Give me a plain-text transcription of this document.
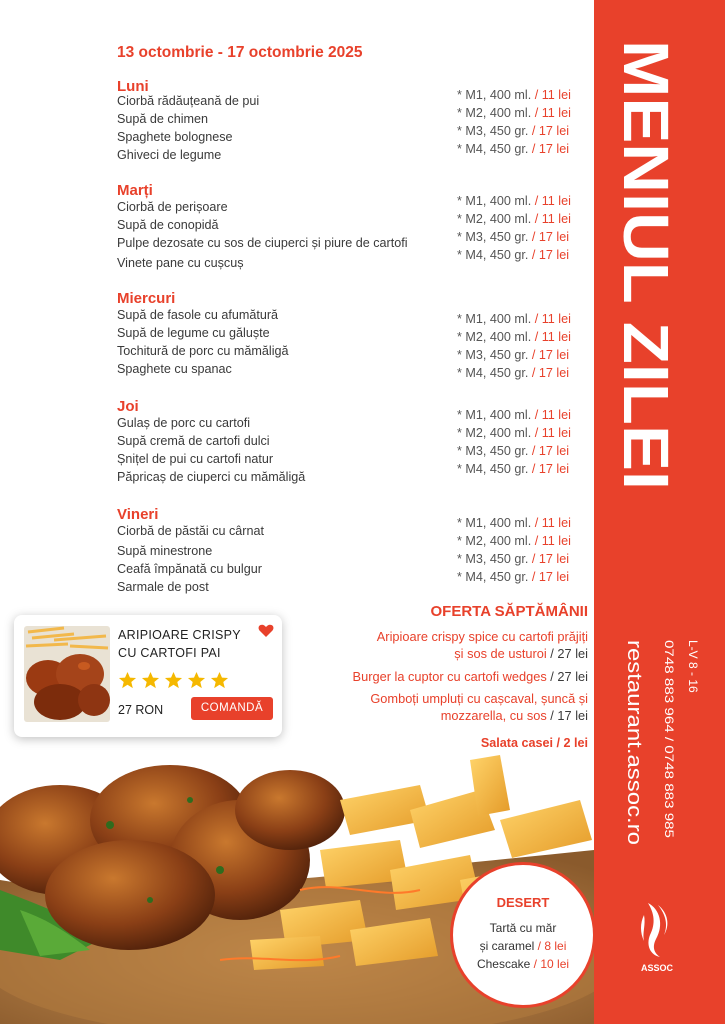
MENIUL ZILEI
L-V 8 - 16
0748 883 964 / 0748 883 985
restaurant.assoc.ro
ASSOC
13 octombrie - 17 octombrie 2025
Luni
Ciorbă rădăuțeană de pui
Supă de chimen
Spaghete bolognese
Ghiveci de legume
* M1, 400 ml. / 11 lei
* M2, 400 ml. / 11 lei
* M3, 450 gr. / 17 lei
* M4, 450 gr. / 17 lei
Marți
Ciorbă de perișoare
Supă de conopidă
Pulpe dezosate cu sos de ciuperci și piure de cartofi
Vinete pane cu cușcuș
* M1, 400 ml. / 11 lei
* M2, 400 ml. / 11 lei
* M3, 450 gr. / 17 lei
* M4, 450 gr. / 17 lei
Miercuri
Supă de fasole cu afumătură
Supă de legume cu găluște
Tochitură de porc cu mămăligă
Spaghete cu spanac
* M1, 400 ml. / 11 lei
* M2, 400 ml. / 11 lei
* M3, 450 gr. / 17 lei
* M4, 450 gr. / 17 lei
Joi
Gulaș de porc cu cartofi
Supă cremă de cartofi dulci
Șnițel de pui cu cartofi natur
Păpricaș de ciuperci cu mămăligă
* M1, 400 ml. / 11 lei
* M2, 400 ml. / 11 lei
* M3, 450 gr. / 17 lei
* M4, 450 gr. / 17 lei
Vineri
Ciorbă de păstăi cu cârnat
Supă minestrone
Ceafă împănată cu bulgur
Sarmale de post
* M1, 400 ml. / 11 lei
* M2, 400 ml. / 11 lei
* M3, 450 gr. / 17 lei
* M4, 450 gr. / 17 lei
ARIPIOARE CRISPY
CU CARTOFI PAI
27 RON	COMANDĂ
OFERTA SĂPTĂMÂNII
Aripioare crispy spice cu cartofi prăjiți
și sos de usturoi / 27 lei
Burger la cuptor cu cartofi wedges / 27 lei
Gomboți umpluți cu cașcaval, șuncă și
mozzarella, cu sos / 17 lei
Salata casei / 2 lei
DESERT
Tartă cu măr
și caramel / 8 lei
Chescake / 10 lei
